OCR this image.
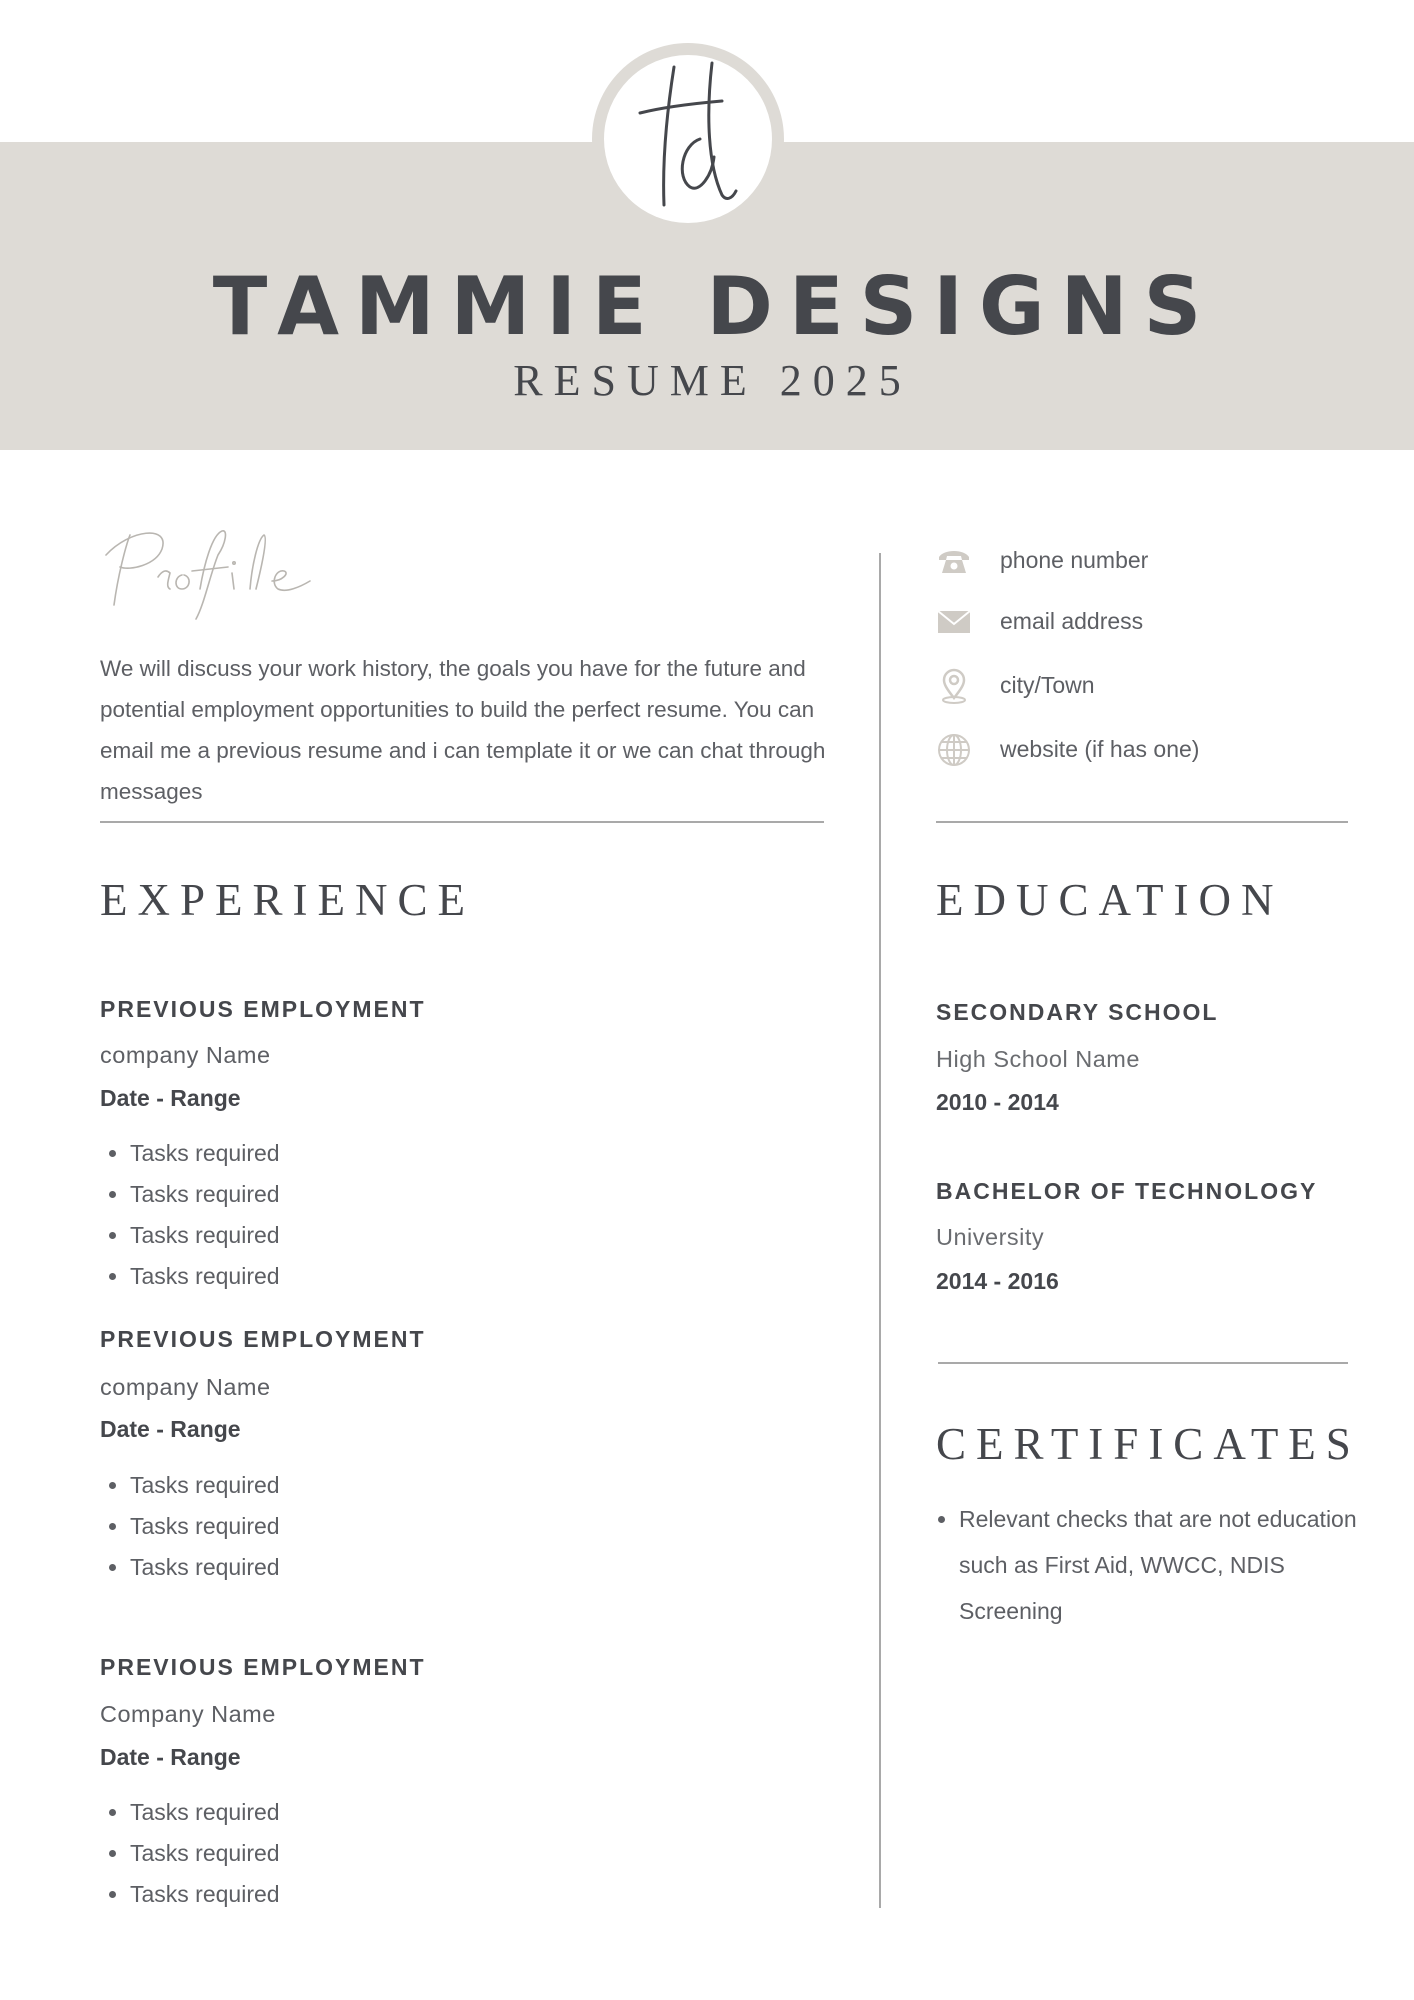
TAMMIE DESIGNS
RESUME 2025
We will discuss your work history, the goals you have for the future and potential employment opportunities to build the perfect resume. You can email me a previous resume and i can template it or we can chat through messages
phone number
email address
city/Town
website (if has one)
EXPERIENCE
PREVIOUS EMPLOYMENT
company Name
Date - Range
• Tasks required
• Tasks required
• Tasks required
• Tasks required
PREVIOUS EMPLOYMENT
company Name
Date - Range
• Tasks required
• Tasks required
• Tasks required
PREVIOUS EMPLOYMENT
Company Name
Date - Range
• Tasks required
• Tasks required
• Tasks required
EDUCATION
SECONDARY SCHOOL
High School Name
2010 - 2014
BACHELOR OF TECHNOLOGY
University
2014 - 2016
CERTIFICATES
• Relevant checks that are not education such as First Aid, WWCC, NDIS Screening
